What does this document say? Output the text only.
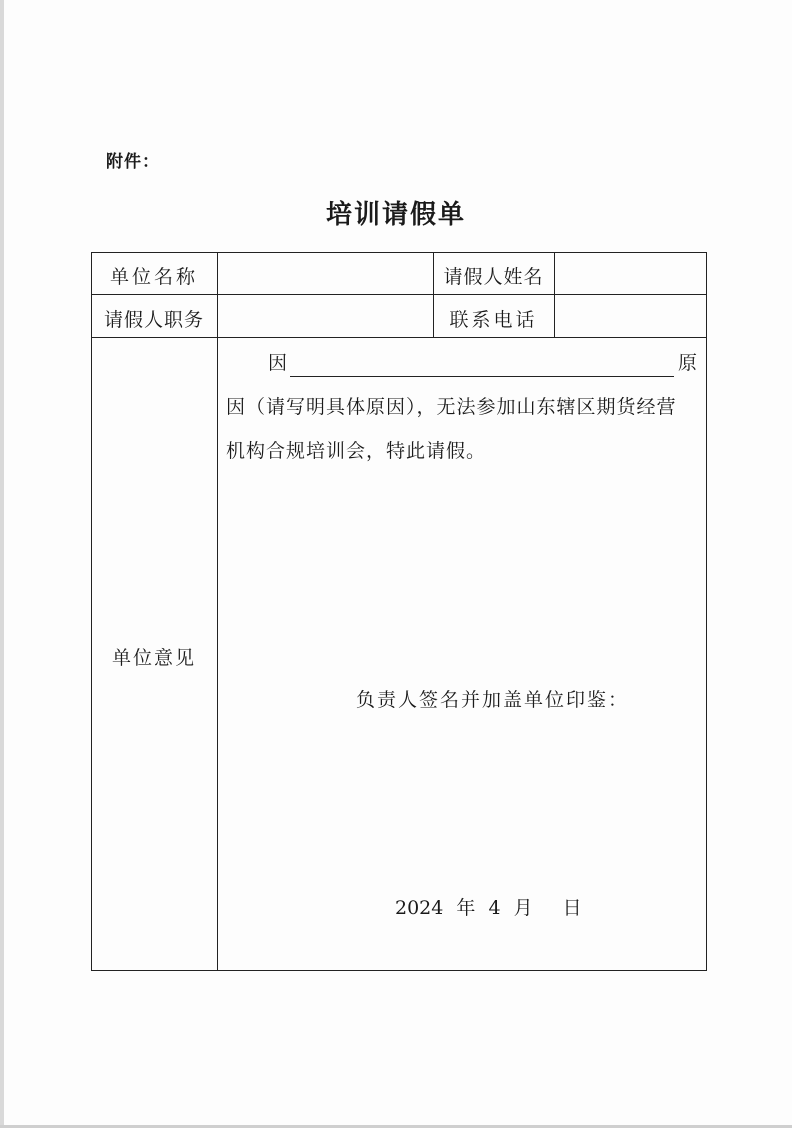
附件：
培训请假单
单位名称	请假人姓名
请假人职务	联系电话
单位意见
因	原
因（请写明具体原因），无法参加山东辖区期货经营
机构合规培训会，特此请假。
负责人签名并加盖单位印鉴：
2024 年 4 月 日
